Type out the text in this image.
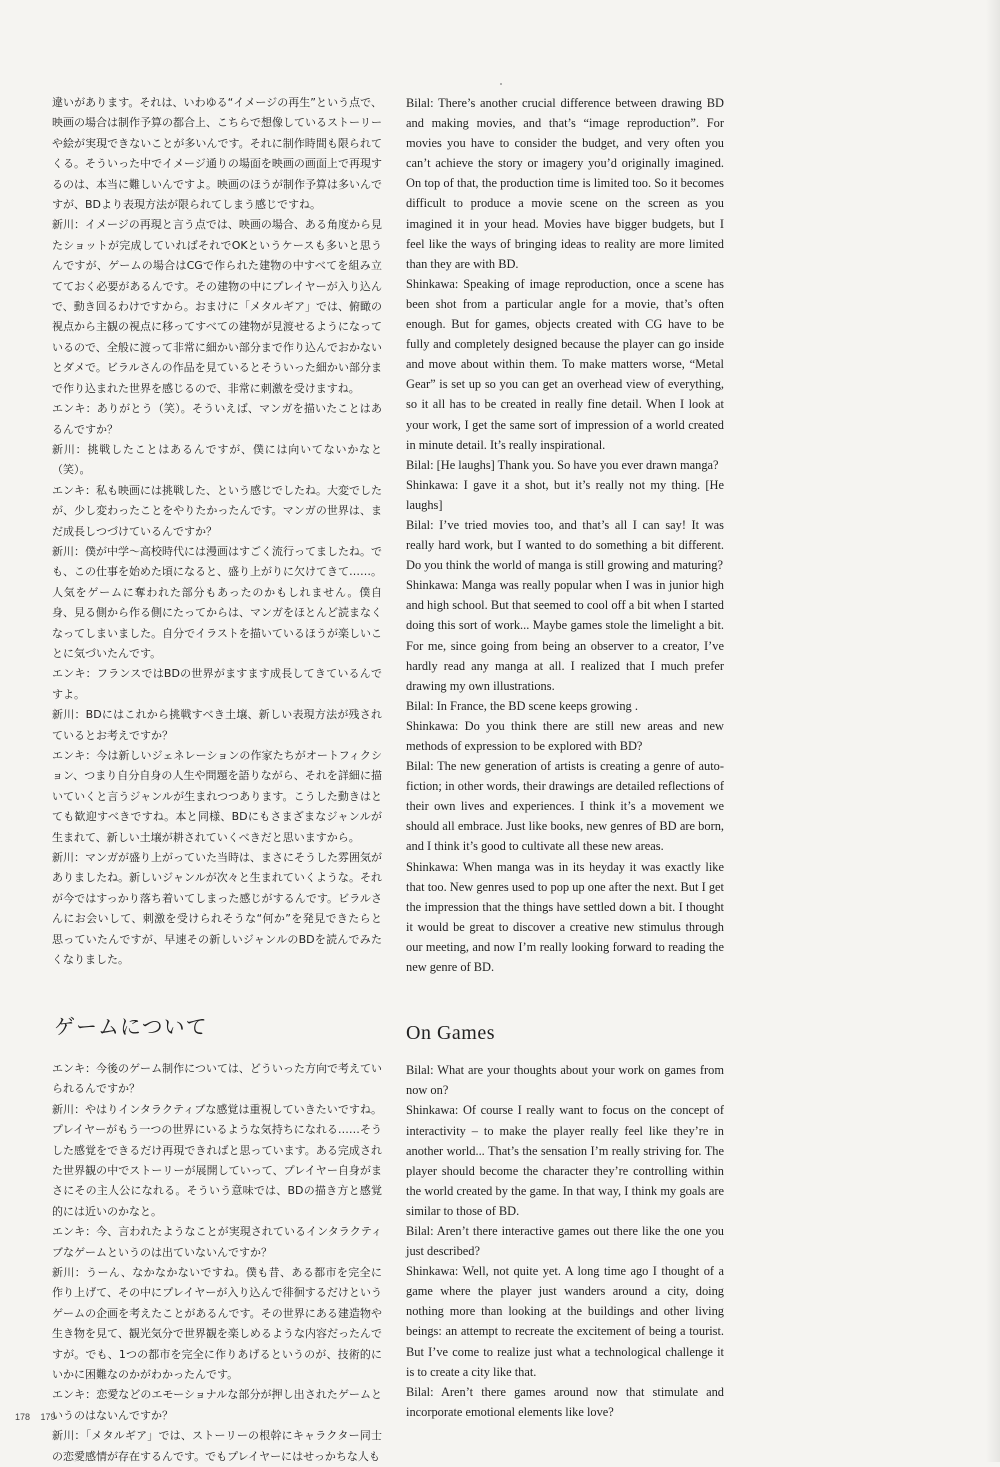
違いがあります。それは、いわゆる“イメージの再生”という点で、映画の場合は制作予算の都合上、こちらで想像しているストーリーや絵が実現できないことが多いんです。それに制作時間も限られてくる。そういった中でイメージ通りの場面を映画の画面上で再現するのは、本当に難しいんですよ。映画のほうが制作予算は多いんですが、BDより表現方法が限られてしまう感じですね。

新川：イメージの再現と言う点では、映画の場合、ある角度から見たショットが完成していればそれでOKというケースも多いと思うんですが、ゲームの場合はCGで作られた建物の中すべてを組み立てておく必要があるんです。その建物の中にプレイヤーが入り込んで、動き回るわけですから。おまけに「メタルギア」では、俯瞰の視点から主観の視点に移ってすべての建物が見渡せるようになっているので、全般に渡って非常に細かい部分まで作り込んでおかないとダメで。ビラルさんの作品を見ているとそういった細かい部分まで作り込まれた世界を感じるので、非常に刺激を受けますね。

エンキ：ありがとう（笑）。そういえば、マンガを描いたことはあるんですか？

新川：挑戦したことはあるんですが、僕には向いてないかなと（笑）。

エンキ：私も映画には挑戦した、という感じでしたね。大変でしたが、少し変わったことをやりたかったんです。マンガの世界は、まだ成長しつづけているんですか？

新川：僕が中学～高校時代には漫画はすごく流行ってましたね。でも、この仕事を始めた頃になると、盛り上がりに欠けてきて……。人気をゲームに奪われた部分もあったのかもしれません。僕自身、見る側から作る側にたってからは、マンガをほとんど読まなくなってしまいました。自分でイラストを描いているほうが楽しいことに気づいたんです。

エンキ：フランスではBDの世界がますます成長してきているんですよ。

新川：BDにはこれから挑戦すべき土壌、新しい表現方法が残されているとお考えですか？

エンキ：今は新しいジェネレーションの作家たちがオートフィクション、つまり自分自身の人生や問題を語りながら、それを詳細に描いていくと言うジャンルが生まれつつあります。こうした動きはとても歓迎すべきですね。本と同様、BDにもさまざまなジャンルが生まれて、新しい土壌が耕されていくべきだと思いますから。

新川：マンガが盛り上がっていた当時は、まさにそうした雰囲気がありましたね。新しいジャンルが次々と生まれていくような。それが今ではすっかり落ち着いてしまった感じがするんです。ビラルさんにお会いして、刺激を受けられそうな“何か”を発見できたらと思っていたんですが、早速その新しいジャンルのBDを読んでみたくなりました。

ゲームについて

エンキ：今後のゲーム制作については、どういった方向で考えていられるんですか？

新川：やはりインタラクティブな感覚は重視していきたいですね。プレイヤーがもう一つの世界にいるような気持ちになれる……そうした感覚をできるだけ再現できればと思っています。ある完成された世界観の中でストーリーが展開していって、プレイヤー自身がまさにその主人公になれる。そういう意味では、BDの描き方と感覚的には近いのかなと。

エンキ：今、言われたようなことが実現されているインタラクティブなゲームというのは出ていないんですか？

新川：うーん、なかなかないですね。僕も昔、ある都市を完全に作り上げて、その中にプレイヤーが入り込んで徘徊するだけというゲームの企画を考えたことがあるんです。その世界にある建造物や生き物を見て、観光気分で世界観を楽しめるような内容だったんですが。でも、1つの都市を完全に作りあげるというのが、技術的にいかに困難なのかがわかったんです。

エンキ：恋愛などのエモーショナルな部分が押し出されたゲームというのはないんですか？

新川：「メタルギア」では、ストーリーの根幹にキャラクター同士の恋愛感情が存在するんです。でもプレイヤーにはせっかちな人も

Bilal: There’s another crucial difference between drawing BD and making movies, and that’s “image reproduction”. For movies you have to consider the budget, and very often you can’t achieve the story or imagery you’d originally imagined. On top of that, the production time is limited too. So it becomes difficult to produce a movie scene on the screen as you imagined it in your head. Movies have bigger budgets, but I feel like the ways of bringing ideas to reality are more limited than they are with BD.

Shinkawa: Speaking of image reproduction, once a scene has been shot from a particular angle for a movie, that’s often enough. But for games, objects created with CG have to be fully and completely designed because the player can go inside and move about within them. To make matters worse, “Metal Gear” is set up so you can get an overhead view of everything, so it all has to be created in really fine detail. When I look at your work, I get the same sort of impression of a world created in minute detail. It’s really inspirational.

Bilal: [He laughs] Thank you. So have you ever drawn manga?

Shinkawa: I gave it a shot, but it’s really not my thing. [He laughs]

Bilal: I’ve tried movies too, and that’s all I can say! It was really hard work, but I wanted to do something a bit different. Do you think the world of manga is still growing and maturing?

Shinkawa: Manga was really popular when I was in junior high and high school. But that seemed to cool off a bit when I started doing this sort of work... Maybe games stole the limelight a bit. For me, since going from being an observer to a creator, I’ve hardly read any manga at all. I realized that I much prefer drawing my own illustrations.

Bilal: In France, the BD scene keeps growing .

Shinkawa: Do you think there are still new areas and new methods of expression to be explored with BD?

Bilal: The new generation of artists is creating a genre of auto-fiction; in other words, their drawings are detailed reflections of their own lives and experiences. I think it’s a movement we should all embrace. Just like books, new genres of BD are born, and I think it’s good to cultivate all these new areas.

Shinkawa: When manga was in its heyday it was exactly like that too. New genres used to pop up one after the next. But I get the impression that the things have settled down a bit. I thought it would be great to discover a creative new stimulus through our meeting, and now I’m really looking forward to reading the new genre of BD.

On Games

Bilal: What are your thoughts about your work on games from now on?

Shinkawa: Of course I really want to focus on the concept of interactivity – to make the player really feel like they’re in another world... That’s the sensation I’m really striving for. The player should become the character they’re controlling within the world created by the game. In that way, I think my goals are similar to those of BD.

Bilal: Aren’t there interactive games out there like the one you just described?

Shinkawa: Well, not quite yet. A long time ago I thought of a game where the player just wanders around a city, doing nothing more than looking at the buildings and other living beings: an attempt to recreate the excitement of being a tourist. But I’ve come to realize just what a technological challenge it is to create a city like that.

Bilal: Aren’t there games around now that stimulate and incorporate emotional elements like love?

178 179
